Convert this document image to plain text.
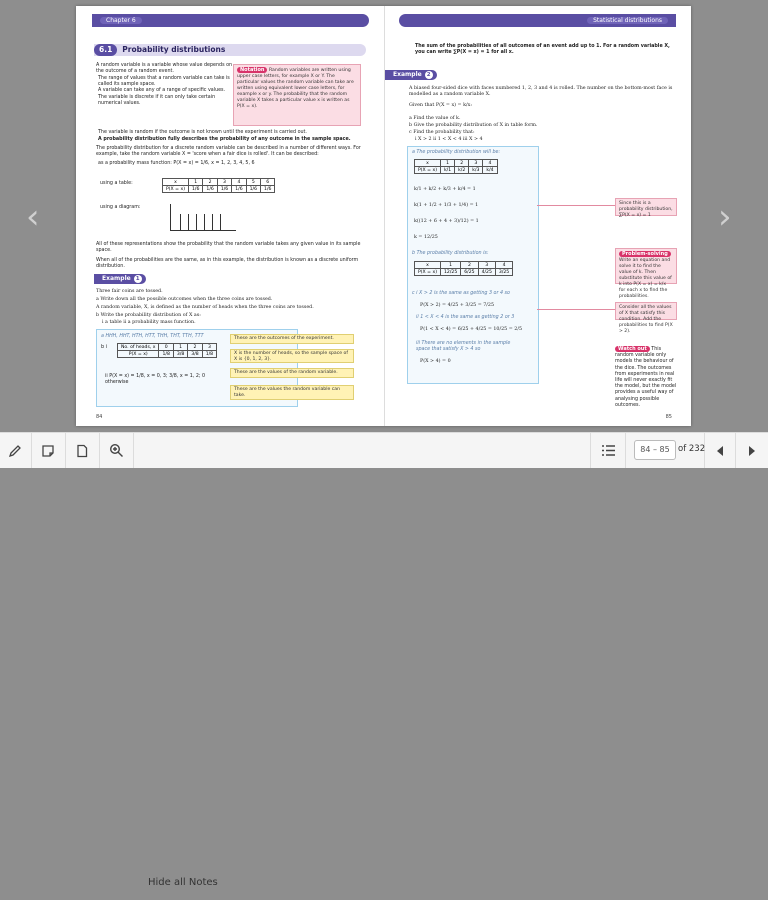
‹	›
Chapter 6
6.1 Probability distributions
A random variable is a variable whose value depends on the outcome of a random event.
The range of values that a random variable can take is called its sample space.
A variable can take any of a range of specific values.
The variable is discrete if it can only take certain numerical values.
The variable is random if the outcome is not known until the experiment is carried out.
A probability distribution fully describes the probability of any outcome in the sample space.
The probability distribution for a discrete random variable can be described in a number of different ways. For example, take the random variable X = 'score when a fair dice is rolled'. It can be described:
as a probability mass function: P(X = x) = 1/6, x = 1, 2, 3, 4, 5, 6
using a table:	x	1	2	3	4	5	6
P(X = x)	1/6	1/6	1/6	1/6	1/6	1/6
using a diagram:
All of these representations show the probability that the random variable takes any given value in its sample space.
When all of the probabilities are the same, as in this example, the distribution is known as a discrete uniform distribution.
Notation Random variables are written using upper case letters, for example X or Y. The particular values the random variable can take are written using equivalent lower case letters, for example x or y. The probability that the random variable X takes a particular value x is written as P(X = x).
Example 1
Three fair coins are tossed.
a Write down all the possible outcomes when the three coins are tossed.
A random variable, X, is defined as the number of heads when the three coins are tossed.
b Write the probability distribution of X as:
i a table ii a probability mass function.
a HHH, HHT, HTH, HTT, THH, THT, TTH, TTT
b i	No. of heads, x	0	1	2	3
P(X = x)	1/8	3/8	3/8	1/8
ii P(X = x) = 1/8, x = 0, 3; 3/8, x = 1, 2; 0 otherwise
These are the outcomes of the experiment.
X is the number of heads, so the sample space of X is {0, 1, 2, 3}.
These are the values of the random variable.
These are the values the random variable can take.
84
Statistical distributions
The sum of the probabilities of all outcomes of an event add up to 1. For a random variable X, you can write ∑P(X = x) = 1 for all x.
Example 2
A biased four-sided dice with faces numbered 1, 2, 3 and 4 is rolled. The number on the bottom-most face is modelled as a random variable X.
Given that P(X = x) = k/x:
a Find the value of k.
b Give the probability distribution of X in table form.
c Find the probability that:
i X > 2 ii 1 < X < 4 iii X > 4
a The probability distribution will be:
x	1	2	3	4
P(X = x)	k/1	k/2	k/3	k/4
k/1 + k/2 + k/3 + k/4 = 1
k(1 + 1/2 + 1/3 + 1/4) = 1
k((12 + 6 + 4 + 3)/12) = 1
k = 12/25
b The probability distribution is:
x	1	2	3	4
P(X = x)	12/25	6/25	4/25	3/25
c i X > 2 is the same as getting 3 or 4 so
P(X > 2) = 4/25 + 3/25 = 7/25
ii 1 < X < 4 is the same as getting 2 or 3
P(1 < X < 4) = 6/25 + 4/25 = 10/25 = 2/5
iii There are no elements in the sample space that satisfy X > 4 so
P(X > 4) = 0
Since this is a probability distribution, ∑P(X = x) = 1
Problem-solving
Write an equation and solve it to find the value of k. Then substitute this value of k into P(X = x) = k/x for each x to find the probabilities.
Consider all the values of X that satisfy this condition. Add the probabilities to find P(X > 2).
Watch out This random variable only models the behaviour of the dice. The outcomes from experiments in real life will never exactly fit the model, but the model provides a useful way of analysing possible outcomes.
85
Hide all Notes
84 – 85 of 232
